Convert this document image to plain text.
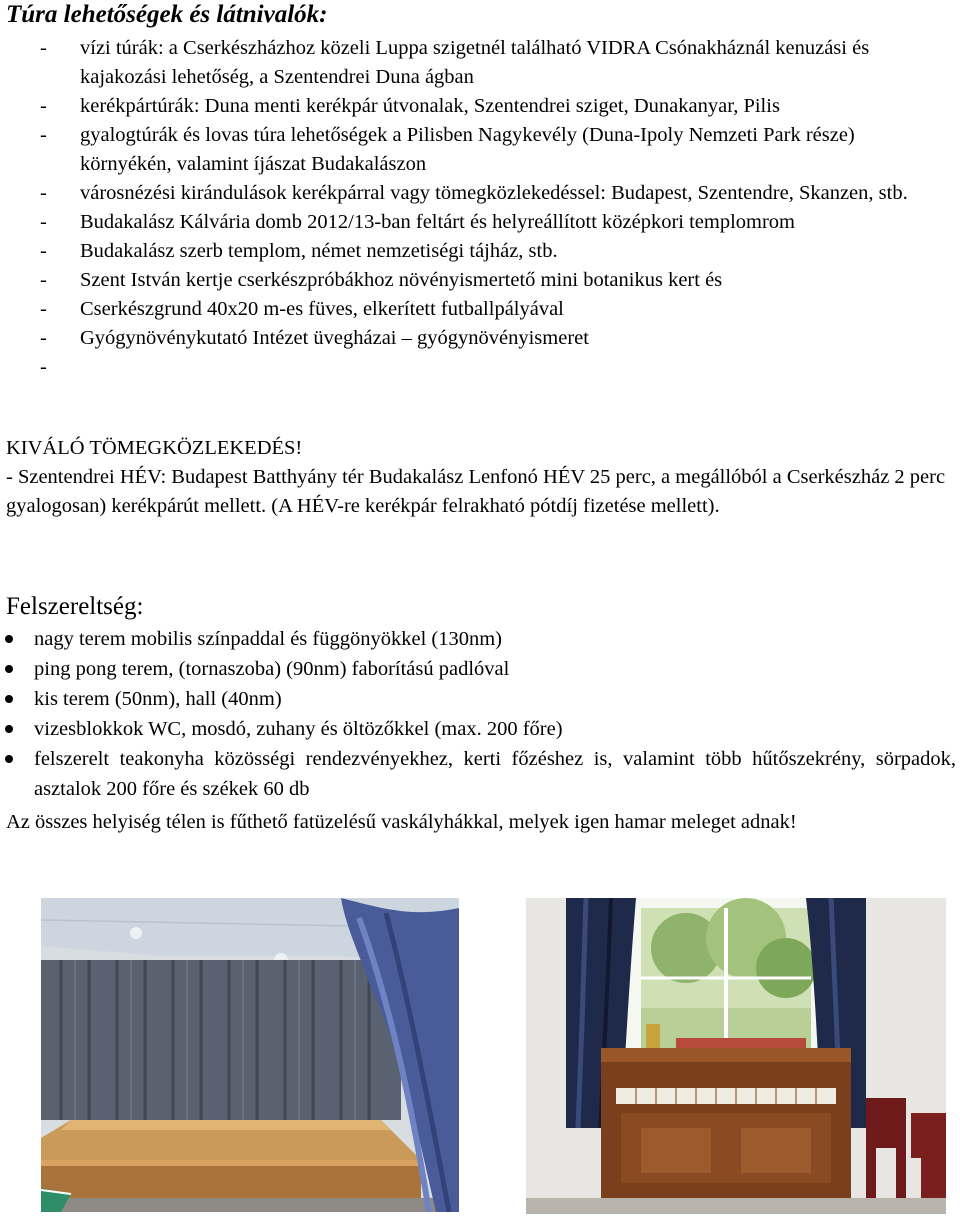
Túra lehetőségek és látnivalók:
- vízi túrák: a Cserkészházhoz közeli Luppa szigetnél található VIDRA Csónakháznál kenuzási és kajakozási lehetőség, a Szentendrei Duna ágban
- kerékpártúrák: Duna menti kerékpár útvonalak, Szentendrei sziget, Dunakanyar, Pilis
- gyalogtúrák és lovas túra lehetőségek a Pilisben Nagykevély (Duna-Ipoly Nemzeti Park része) környékén, valamint íjászat Budakalászon
- városnézési kirándulások kerékpárral vagy tömegközlekedéssel: Budapest, Szentendre, Skanzen, stb.
- Budakalász Kálvária domb 2012/13-ban feltárt és helyreállított középkori templomrom
- Budakalász szerb templom, német nemzetiségi tájház, stb.
- Szent István kertje cserkészpróbákhoz növényismertető mini botanikus kert és
- Cserkészgrund 40x20 m-es füves, elkerített futballpályával
- Gyógynövénykutató Intézet üvegházai – gyógynövényismeret
-

KIVÁLÓ TÖMEGKÖZLEKEDÉS!
- Szentendrei HÉV: Budapest Batthyány tér Budakalász Lenfonó HÉV 25 perc, a megállóból a Cserkészház 2 perc gyalogosan) kerékpárút mellett. (A HÉV-re kerékpár felrakható pótdíj fizetése mellett).
Felszereltség:
nagy terem mobilis színpaddal és függönyökkel (130nm)
ping pong terem, (tornaszoba) (90nm) faborítású padlóval
kis terem (50nm), hall (40nm)
vizesblokkok WC, mosdó, zuhany és öltözőkkel (max. 200 főre)
felszerelt teakonyha közösségi rendezvényekhez, kerti főzéshez is, valamint több hűtőszekrény, sörpadok, asztalok 200 főre és székek 60 db
Az összes helyiség télen is fűthető fatüzelésű vaskályhákkal, melyek igen hamar meleget adnak!
